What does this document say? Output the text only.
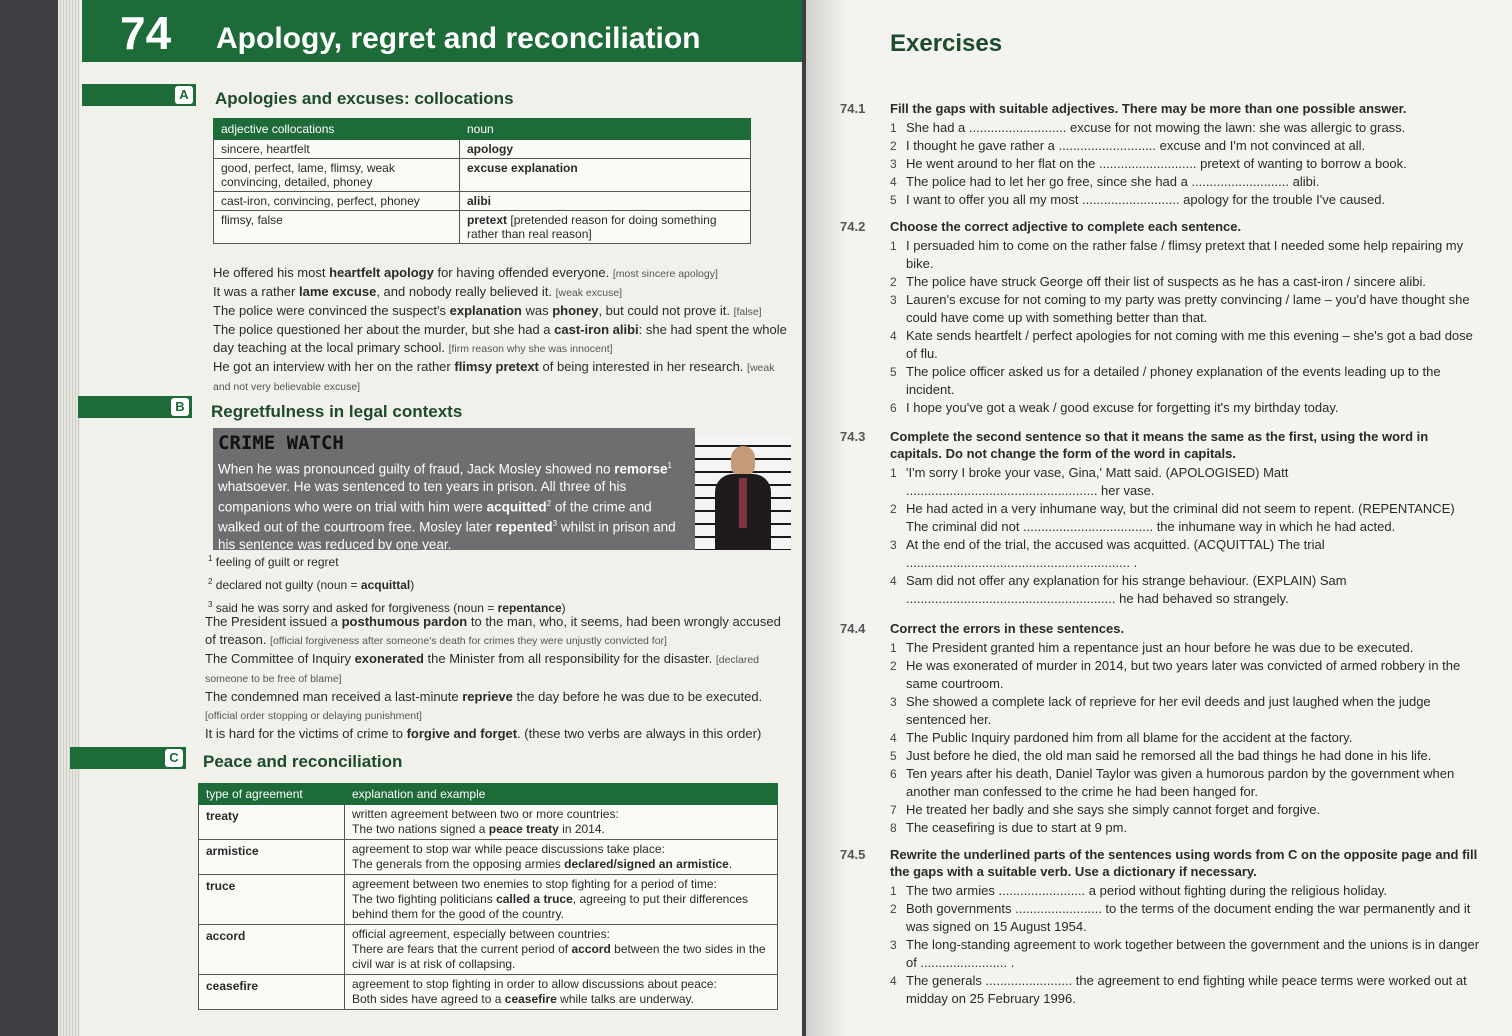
74 Apology, regret and reconciliation
A Apologies and excuses: collocations
adjective collocations	noun
sincere, heartfelt	apology
good, perfect, lame, flimsy, weak convincing, detailed, phoney	excuse explanation
cast-iron, convincing, perfect, phoney	alibi
flimsy, false	pretext [pretended reason for doing something rather than real reason]
He offered his most heartfelt apology for having offended everyone. [most sincere apology]
It was a rather lame excuse, and nobody really believed it. [weak excuse]
The police were convinced the suspect's explanation was phoney, but could not prove it. [false]
The police questioned her about the murder, but she had a cast-iron alibi: she had spent the whole day teaching at the local primary school. [firm reason why she was innocent]
He got an interview with her on the rather flimsy pretext of being interested in her research. [weak and not very believable excuse]
B Regretfulness in legal contexts
CRIME WATCH
When he was pronounced guilty of fraud, Jack Mosley showed no remorse$^1$ whatsoever. He was sentenced to ten years in prison. All three of his companions who were on trial with him were acquitted$^2$ of the crime and walked out of the courtroom free. Mosley later repented$^3$ whilst in prison and his sentence was reduced by one year.
$^1$ feeling of guilt or regret
$^2$ declared not guilty (noun = acquittal)
$^3$ said he was sorry and asked for forgiveness (noun = repentance)
The President issued a posthumous pardon to the man, who, it seems, had been wrongly accused of treason. [official forgiveness after someone's death for crimes they were unjustly convicted for]
The Committee of Inquiry exonerated the Minister from all responsibility for the disaster. [declared someone to be free of blame]
The condemned man received a last-minute reprieve the day before he was due to be executed. [official order stopping or delaying punishment]
It is hard for the victims of crime to forgive and forget. (these two verbs are always in this order)
C Peace and reconciliation
type of agreement	explanation and example
treaty	written agreement between two or more countries:
The two nations signed a peace treaty in 2014.

armistice	agreement to stop war while peace discussions take place:
The generals from the opposing armies declared/signed an armistice.

truce	agreement between two enemies to stop fighting for a period of time:
The two fighting politicians called a truce, agreeing to put their differences behind them for the good of the country.

accord	official agreement, especially between countries:
There are fears that the current period of accord between the two sides in the civil war is at risk of collapsing.

ceasefire	agreement to stop fighting in order to allow discussions about peace:
Both sides have agreed to a ceasefire while talks are underway.
Exercises
74.1 Fill the gaps with suitable adjectives. There may be more than one possible answer.
1 She had a ........................... excuse for not mowing the lawn: she was allergic to grass.
2 I thought he gave rather a ........................... excuse and I'm not convinced at all.
3 He went around to her flat on the ........................... pretext of wanting to borrow a book.
4 The police had to let her go free, since she had a ........................... alibi.
5 I want to offer you all my most ........................... apology for the trouble I've caused.
74.2 Choose the correct adjective to complete each sentence.
1 I persuaded him to come on the rather false / flimsy pretext that I needed some help repairing my bike.
2 The police have struck George off their list of suspects as he has a cast-iron / sincere alibi.
3 Lauren's excuse for not coming to my party was pretty convincing / lame – you'd have thought she could have come up with something better than that.
4 Kate sends heartfelt / perfect apologies for not coming with me this evening – she's got a bad dose of flu.
5 The police officer asked us for a detailed / phoney explanation of the events leading up to the incident.
6 I hope you've got a weak / good excuse for forgetting it's my birthday today.
74.3 Complete the second sentence so that it means the same as the first, using the word in capitals. Do not change the form of the word in capitals.
1 'I'm sorry I broke your vase, Gina,' Matt said. (APOLOGISED) Matt ..................................................... her vase.
2 He had acted in a very inhumane way, but the criminal did not seem to repent. (REPENTANCE) The criminal did not .................................... the inhumane way in which he had acted.
3 At the end of the trial, the accused was acquitted. (ACQUITTAL) The trial .............................................................. .
4 Sam did not offer any explanation for his strange behaviour. (EXPLAIN) Sam .......................................................... he had behaved so strangely.
74.4 Correct the errors in these sentences.
1 The President granted him a repentance just an hour before he was due to be executed.
2 He was exonerated of murder in 2014, but two years later was convicted of armed robbery in the same courtroom.
3 She showed a complete lack of reprieve for her evil deeds and just laughed when the judge sentenced her.
4 The Public Inquiry pardoned him from all blame for the accident at the factory.
5 Just before he died, the old man said he remorsed all the bad things he had done in his life.
6 Ten years after his death, Daniel Taylor was given a humorous pardon by the government when another man confessed to the crime he had been hanged for.
7 He treated her badly and she says she simply cannot forget and forgive.
8 The ceasefiring is due to start at 9 pm.
74.5 Rewrite the underlined parts of the sentences using words from C on the opposite page and fill the gaps with a suitable verb. Use a dictionary if necessary.
1 The two armies ........................ a period without fighting during the religious holiday.
2 Both governments ........................ to the terms of the document ending the war permanently and it was signed on 15 August 1954.
3 The long-standing agreement to work together between the government and the unions is in danger of ........................ .
4 The generals ........................ the agreement to end fighting while peace terms were worked out at midday on 25 February 1996.
